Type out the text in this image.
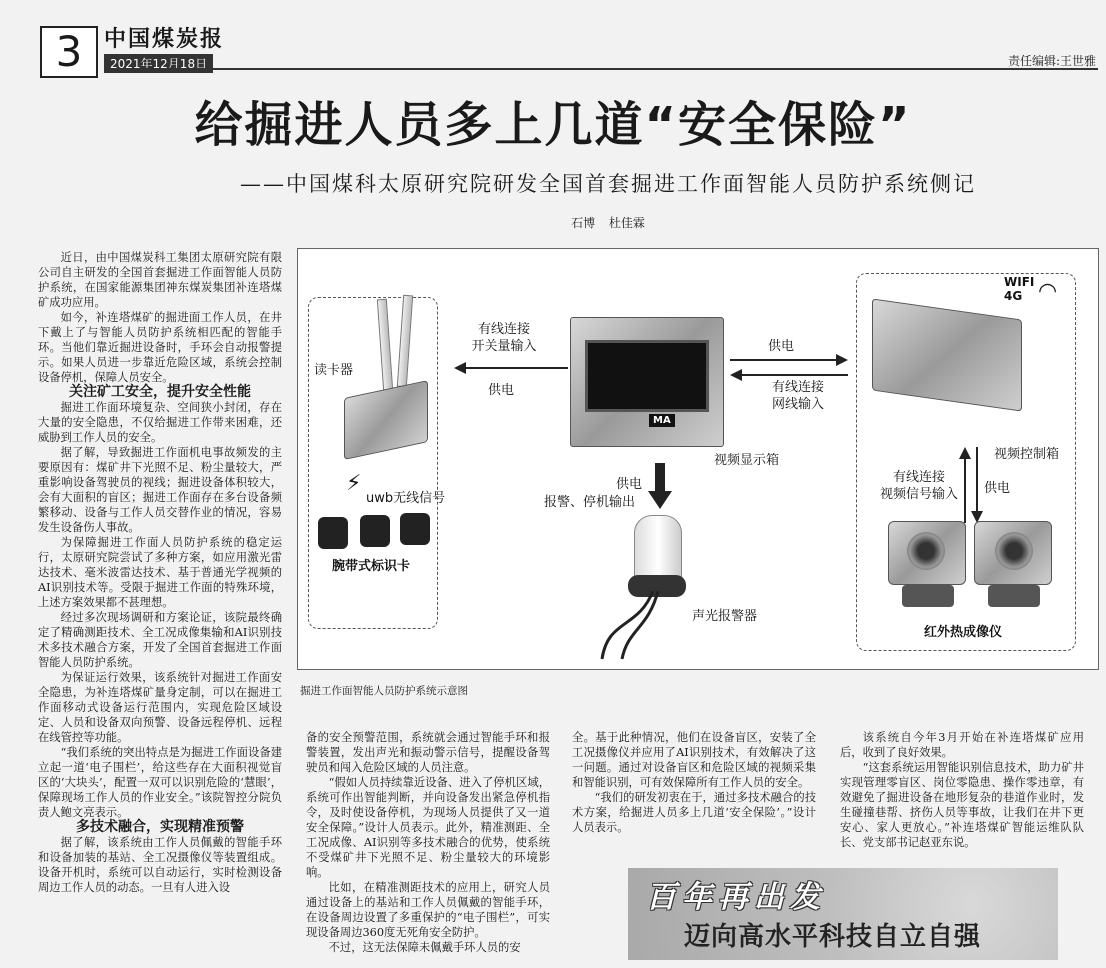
3 中国煤炭报
2021年12月18日	责任编辑:王世雅
给掘进人员多上几道“安全保险”
——中国煤科太原研究院研发全国首套掘进工作面智能人员防护系统侧记
石博 杜佳霖

近日，由中国煤炭科工集团太原研究院有限公司自主研发的全国首套掘进工作面智能人员防护系统，在国家能源集团神东煤炭集团补连塔煤矿成功应用。

如今，补连塔煤矿的掘进面工作人员，在井下戴上了与智能人员防护系统相匹配的智能手环。当他们靠近掘进设备时，手环会自动报警提示。如果人员进一步靠近危险区域，系统会控制设备停机，保障人员安全。

关注矿工安全，提升安全性能

掘进工作面环境复杂、空间狭小封闭，存在大量的安全隐患，不仅给掘进工作带来困难，还威胁到工作人员的安全。

据了解，导致掘进工作面机电事故频发的主要原因有：煤矿井下光照不足、粉尘量较大，严重影响设备驾驶员的视线；掘进设备体积较大，会有大面积的盲区；掘进工作面存在多台设备频繁移动、设备与工作人员交替作业的情况，容易发生设备伤人事故。

为保障掘进工作面人员防护系统的稳定运行，太原研究院尝试了多种方案，如应用激光雷达技术、毫米波雷达技术、基于普通光学视频的AI识别技术等。受限于掘进工作面的特殊环境，上述方案效果都不甚理想。

经过多次现场调研和方案论证，该院最终确定了精确测距技术、全工况成像集输和AI识别技术多技术融合方案，开发了全国首套掘进工作面智能人员防护系统。

为保证运行效果，该系统针对掘进工作面安全隐患，为补连塔煤矿量身定制，可以在掘进工作面移动式设备运行范围内，实现危险区域设定、人员和设备双向预警、设备远程停机、远程在线管控等功能。

“我们系统的突出特点是为掘进工作面设备建立起一道‘电子围栏’，给这些存在大面积视觉盲区的‘大块头’，配置一双可以识别危险的‘慧眼’，保障现场工作人员的作业安全。”该院智控分院负责人鲍文亮表示。

多技术融合，实现精准预警

据了解，该系统由工作人员佩戴的智能手环和设备加装的基站、全工况摄像仪等装置组成。设备开机时，系统可以自动运行，实时检测设备周边工作人员的动态。一旦有人进入设

读卡器
⚡
uwb无线信号
腕带式标识卡
有线连接
开关量输入
供电
MA
视频显示箱
供电
有线连接
网线输入
供电
报警、停机输出
声光报警器
WIFI
4G ◠
视频控制箱
有线连接
视频信号输入	供电
红外热成像仪
掘进工作面智能人员防护系统示意图

备的安全预警范围，系统就会通过智能手环和报警装置，发出声光和振动警示信号，提醒设备驾驶员和闯入危险区域的人员注意。

“假如人员持续靠近设备、进入了停机区域，系统可作出智能判断，并向设备发出紧急停机指令，及时使设备停机，为现场人员提供了又一道安全保障。”设计人员表示。此外，精准测距、全工况成像、AI识别等多技术融合的优势，使系统不受煤矿井下光照不足、粉尘量较大的环境影响。

比如，在精准测距技术的应用上，研究人员通过设备上的基站和工作人员佩戴的智能手环，在设备周边设置了多重保护的“电子围栏”，可实现设备周边360度无死角安全防护。

不过，这无法保障未佩戴手环人员的安

全。基于此种情况，他们在设备盲区，安装了全工况摄像仪并应用了AI识别技术，有效解决了这一问题。通过对设备盲区和危险区域的视频采集和智能识别，可有效保障所有工作人员的安全。

“我们的研发初衷在于，通过多技术融合的技术方案，给掘进人员多上几道‘安全保险’。”设计人员表示。

该系统自今年3月开始在补连塔煤矿应用后，收到了良好效果。

“这套系统运用智能识别信息技术，助力矿井实现管理零盲区、岗位零隐患、操作零违章，有效避免了掘进设备在地形复杂的巷道作业时，发生碰撞巷帮、挤伤人员等事故，让我们在井下更安心、家人更放心。”补连塔煤矿智能运维队队长、党支部书记赵亚东说。

百年再出发
迈向高水平科技自立自强
